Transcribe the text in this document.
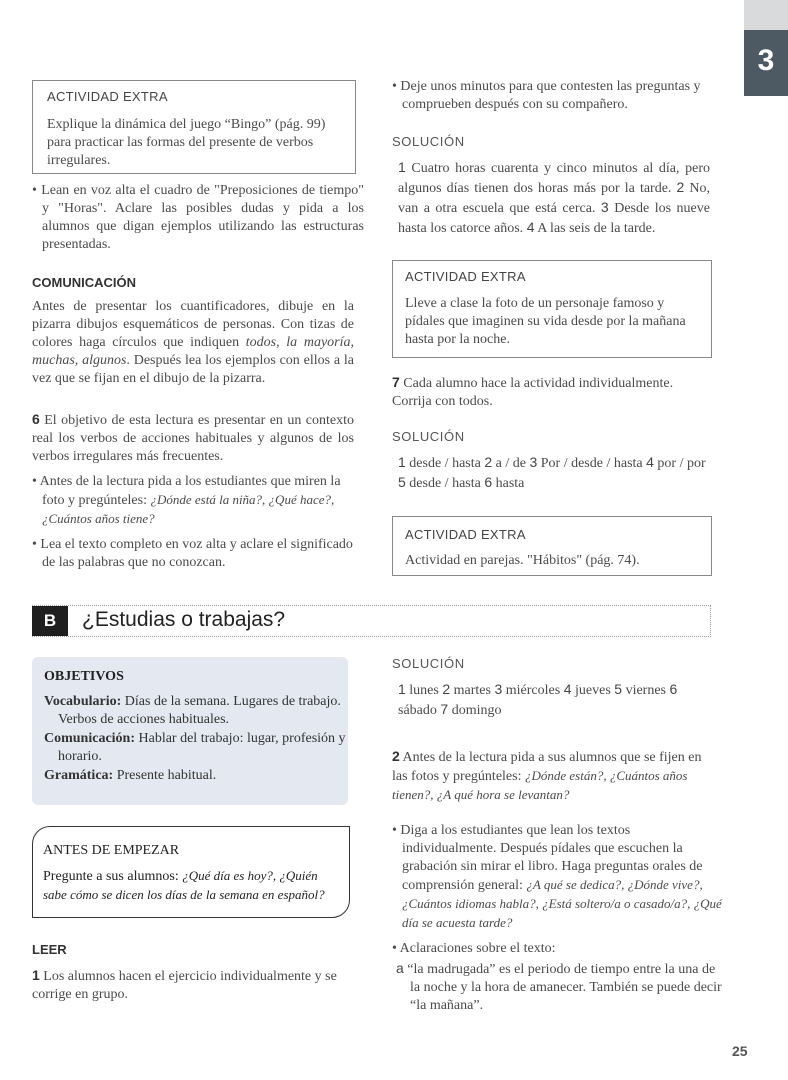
3
ACTIVIDAD EXTRA
Explique la dinámica del juego “Bingo” (pág. 99) para practicar las formas del presente de verbos irregulares.
• Lean en voz alta el cuadro de "Preposiciones de tiempo" y "Horas". Aclare las posibles dudas y pida a los alumnos que digan ejemplos utilizando las estructuras presentadas.
COMUNICACIÓN
Antes de presentar los cuantificadores, dibuje en la pizarra dibujos esquemáticos de personas. Con tizas de colores haga círculos que indiquen todos, la mayoría, muchas, algunos. Después lea los ejemplos con ellos a la vez que se fijan en el dibujo de la pizarra.
6 El objetivo de esta lectura es presentar en un contexto real los verbos de acciones habituales y algunos de los verbos irregulares más frecuentes.
• Antes de la lectura pida a los estudiantes que miren la foto y pregúnteles: ¿Dónde está la niña?, ¿Qué hace?, ¿Cuántos años tiene?
• Lea el texto completo en voz alta y aclare el significado de las palabras que no conozcan.
• Deje unos minutos para que contesten las preguntas y comprueben después con su compañero.
SOLUCIÓN
1 Cuatro horas cuarenta y cinco minutos al día, pero algunos días tienen dos horas más por la tarde. 2 No, van a otra escuela que está cerca. 3 Desde los nueve hasta los catorce años. 4 A las seis de la tarde.
ACTIVIDAD EXTRA
Lleve a clase la foto de un personaje famoso y pídales que imaginen su vida desde por la mañana hasta por la noche.
7 Cada alumno hace la actividad individualmente. Corrija con todos.
SOLUCIÓN
1 desde / hasta 2 a / de 3 Por / desde / hasta 4 por / por 5 desde / hasta 6 hasta
ACTIVIDAD EXTRA
Actividad en parejas. "Hábitos" (pág. 74).
B	¿Estudias o trabajas?
OBJETIVOS
Vocabulario: Días de la semana. Lugares de trabajo. Verbos de acciones habituales.
Comunicación: Hablar del trabajo: lugar, profesión y horario.
Gramática: Presente habitual.
ANTES DE EMPEZAR
Pregunte a sus alumnos: ¿Qué día es hoy?, ¿Quién sabe cómo se dicen los días de la semana en español?
LEER
1 Los alumnos hacen el ejercicio individualmente y se corrige en grupo.
SOLUCIÓN
1 lunes 2 martes 3 miércoles 4 jueves 5 viernes 6 sábado 7 domingo
2 Antes de la lectura pida a sus alumnos que se fijen en las fotos y pregúnteles: ¿Dónde están?, ¿Cuántos años tienen?, ¿A qué hora se levantan?
• Diga a los estudiantes que lean los textos individualmente. Después pídales que escuchen la grabación sin mirar el libro. Haga preguntas orales de comprensión general: ¿A qué se dedica?, ¿Dónde vive?, ¿Cuántos idiomas habla?, ¿Está soltero/a o casado/a?, ¿Qué día se acuesta tarde?
• Aclaraciones sobre el texto:
a “la madrugada” es el periodo de tiempo entre la una de la noche y la hora de amanecer. También se puede decir “la mañana”.
25
